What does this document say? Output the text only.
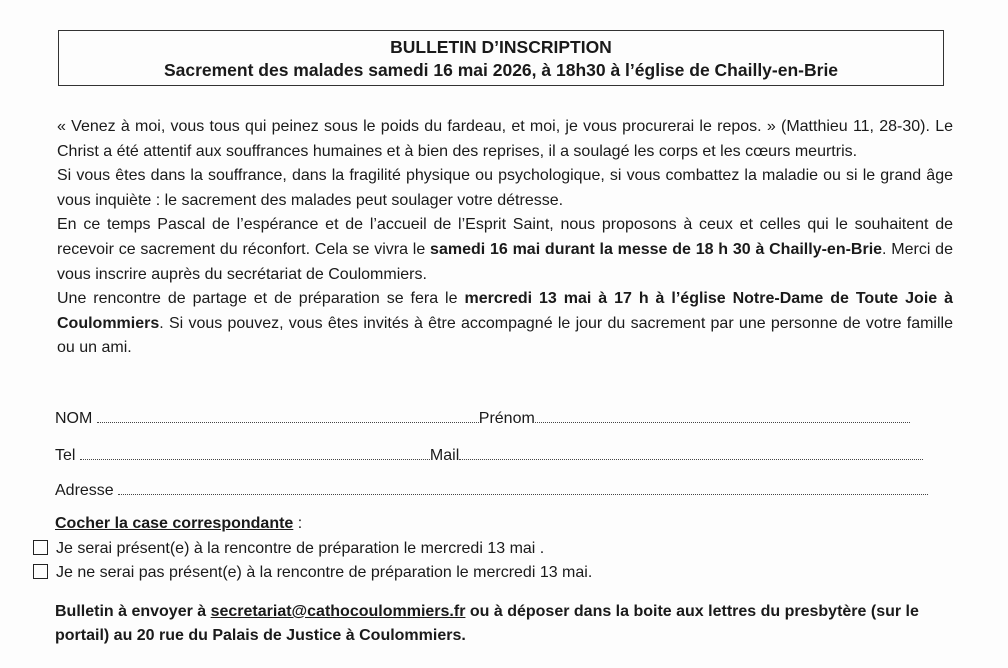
BULLETIN D’INSCRIPTION
Sacrement des malades samedi 16 mai 2026, à 18h30 à l’église de Chailly-en-Brie

« Venez à moi, vous tous qui peinez sous le poids du fardeau, et moi, je vous procurerai le repos. » (Matthieu 11, 28-30). Le Christ a été attentif aux souffrances humaines et à bien des reprises, il a soulagé les corps et les cœurs meurtris.

Si vous êtes dans la souffrance, dans la fragilité physique ou psychologique, si vous combattez la maladie ou si le grand âge vous inquiète : le sacrement des malades peut soulager votre détresse.

En ce temps Pascal de l’espérance et de l’accueil de l’Esprit Saint, nous proposons à ceux et celles qui le souhaitent de recevoir ce sacrement du réconfort. Cela se vivra le samedi 16 mai durant la messe de 18 h 30 à Chailly-en-Brie. Merci de vous inscrire auprès du secrétariat de Coulommiers.

Une rencontre de partage et de préparation se fera le mercredi 13 mai à 17 h à l’église Notre-Dame de Toute Joie à Coulommiers. Si vous pouvez, vous êtes invités à être accompagné le jour du sacrement par une personne de votre famille ou un ami.

NOM	Prénom
Tel	Mail
Adresse
Cocher la case correspondante :
Je serai présent(e) à la rencontre de préparation le mercredi 13 mai .
Je ne serai pas présent(e) à la rencontre de préparation le mercredi 13 mai.
Bulletin à envoyer à secretariat@cathocoulommiers.fr ou à déposer dans la boite aux lettres du presbytère (sur le portail) au 20 rue du Palais de Justice à Coulommiers.
